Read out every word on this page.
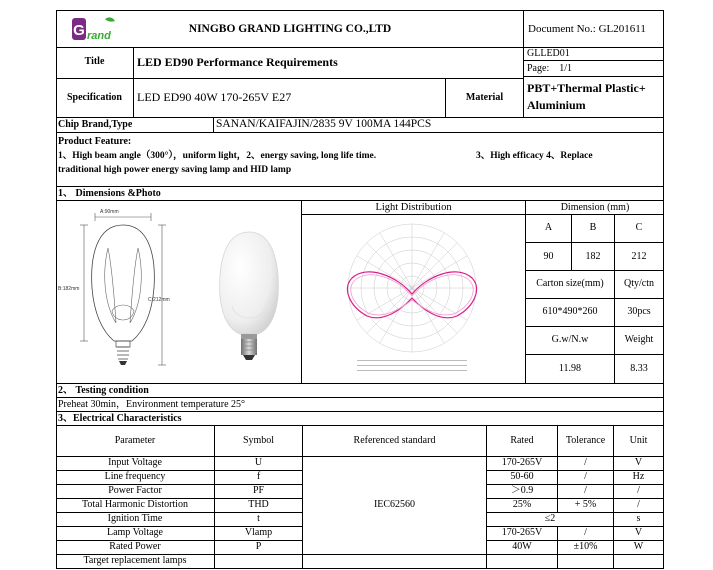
G rand
NINGBO GRAND LIGHTING CO.,LTD	Document No.: GL201611
GLLED01
Page:　1/1
Title	LED ED90 Performance Requirements
Specification	LED ED90 40W 170-265V E27	Material
PBT+Thermal Plastic+
Aluminium
Chip Brand,Type	SANAN/KAIFAJIN/2835 9V 100MA 144PCS
Product Feature:
1、High beam angle（300°），uniform light，2、energy saving, long life time.	3、High efficacy 4、Replace
traditional high power energy saving lamp and HID lamp
1、 Dimensions &Photo
A:90mm
B:182mm
C:212mm
Light Distribution	Dimension (mm)
A	B	C
90	182	212
Carton size(mm)	Qty/ctn
610*490*260	30pcs
G.w/N.w	Weight
11.98	8.33
2、 Testing condition
Preheat 30min，Environment temperature 25°
3、Electrical Characteristics
Parameter	Symbol	Referenced standard	Rated	Tolerance	Unit
IEC62560
Input Voltage	U	170-265V	/	V
Line frequency	f	50-60	/	Hz
Power Factor	PF	＞0.9	/	/
Total Harmonic Distortion	THD	25%	+ 5%	/
Ignition Time	t	≤2	s
Lamp Voltage	Vlamp	170-265V	/	V
Rated Power	P	40W	±10%	W
Target replacement lamps
